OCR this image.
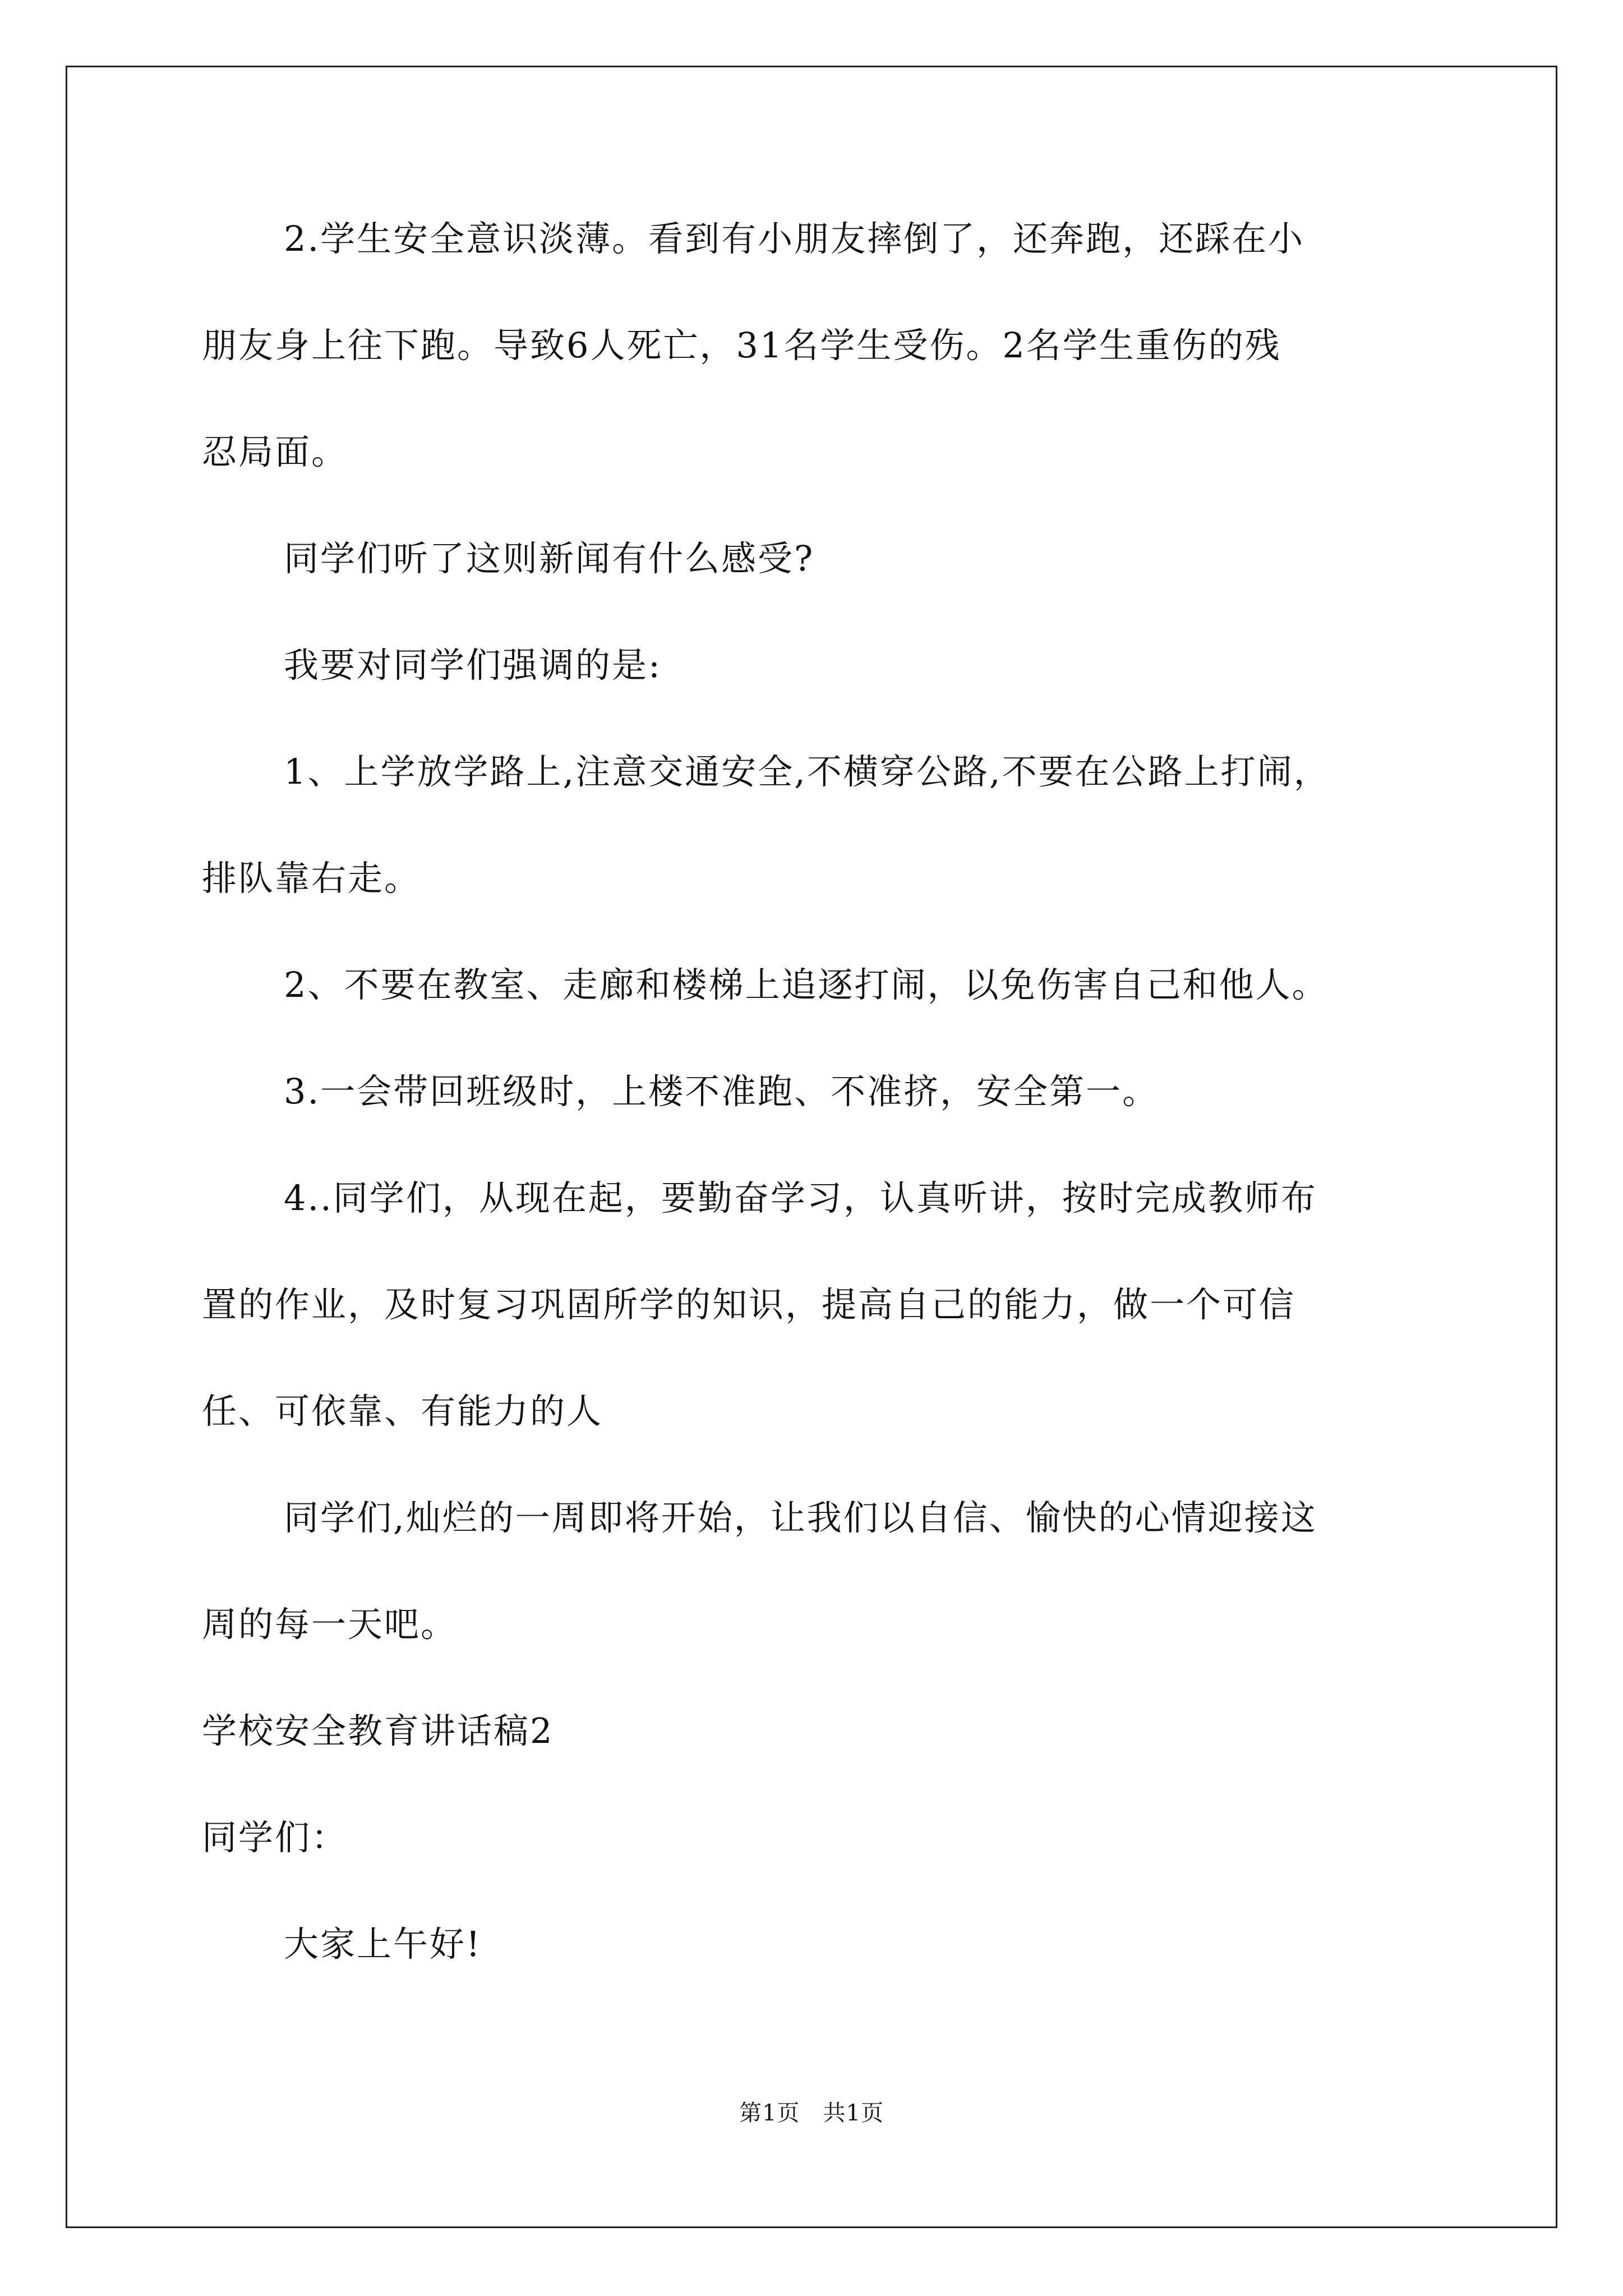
2.学生安全意识淡薄。看到有小朋友摔倒了，还奔跑，还踩在小
朋友身上往下跑。导致6人死亡，31名学生受伤。2名学生重伤的残
忍局面。
同学们听了这则新闻有什么感受?
我要对同学们强调的是:
1、上学放学路上,注意交通安全,不横穿公路,不要在公路上打闹，
排队靠右走。
2、不要在教室、走廊和楼梯上追逐打闹，以免伤害自己和他人。
3.一会带回班级时，上楼不准跑、不准挤，安全第一。
4..同学们，从现在起，要勤奋学习，认真听讲，按时完成教师布
置的作业，及时复习巩固所学的知识，提高自己的能力，做一个可信
任、可依靠、有能力的人
同学们,灿烂的一周即将开始，让我们以自信、愉快的心情迎接这
周的每一天吧。
学校安全教育讲话稿2
同学们：
大家上午好!
第1页   共1页
